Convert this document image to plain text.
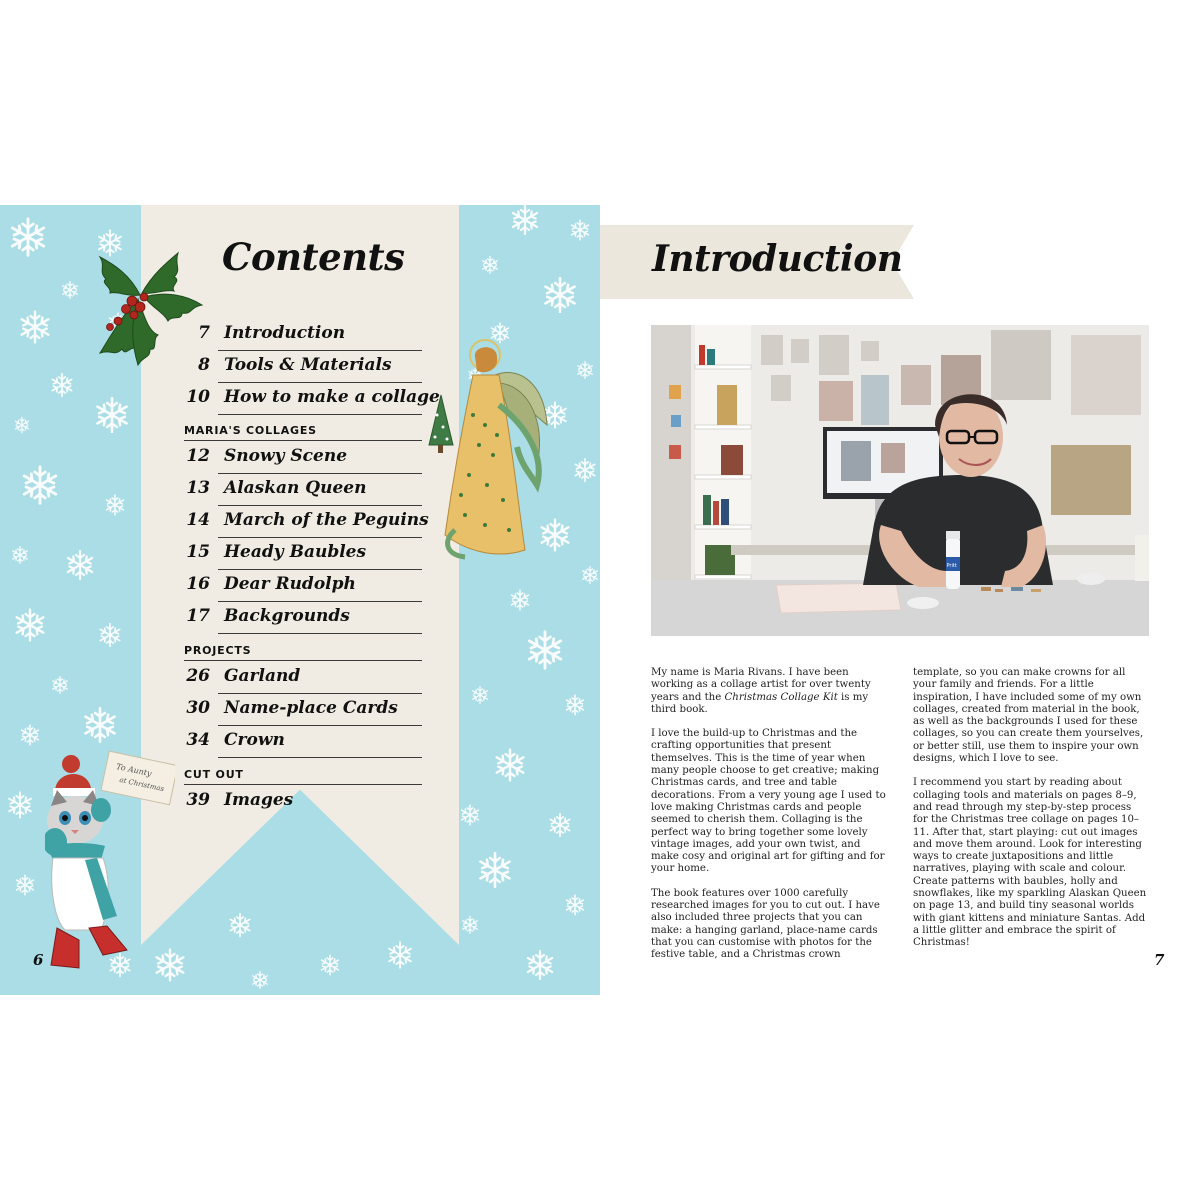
Contents
7 Introduction
8 Tools & Materials
10 How to make a collage
MARIA'S COLLAGES
12 Snowy Scene
13 Alaskan Queen
14 March of the Peguins
15 Heady Baubles
16 Dear Rudolph
17 Backgrounds
PROJECTS
26 Garland
30 Name-place Cards
34 Crown
CUT OUT
39 Images
To Aunty
at Christmas
6
Introduction
Pritt

My name is Maria Rivans. I have been working as a collage artist for over twenty years and the Christmas Collage Kit is my third book.

I love the build-up to Christmas and the crafting opportunities that present themselves. This is the time of year when many people choose to get creative; making Christmas cards, and tree and table decorations. From a very young age I used to love making Christmas cards and people seemed to cherish them. Collaging is the perfect way to bring together some lovely vintage images, add your own twist, and make cosy and original art for gifting and for your home.

The book features over 1000 carefully researched images for you to cut out. I have also included three projects that you can make: a hanging garland, place-name cards that you can customise with photos for the festive table, and a Christmas crown

template, so you can make crowns for all your family and friends. For a little inspiration, I have included some of my own collages, created from material in the book, as well as the backgrounds I used for these collages, so you can create them yourselves, or better still, use them to inspire your own designs, which I love to see.

I recommend you start by reading about collaging tools and materials on pages 8–9, and read through my step-by-step process for the Christmas tree collage on pages 10–11. After that, start playing: cut out images and move them around. Look for interesting ways to create juxtapositions and little narratives, playing with scale and colour. Create patterns with baubles, holly and snowflakes, like my sparkling Alaskan Queen on page 13, and build tiny seasonal worlds with giant kittens and miniature Santas. Add a little glitter and embrace the spirit of Christmas!

7
